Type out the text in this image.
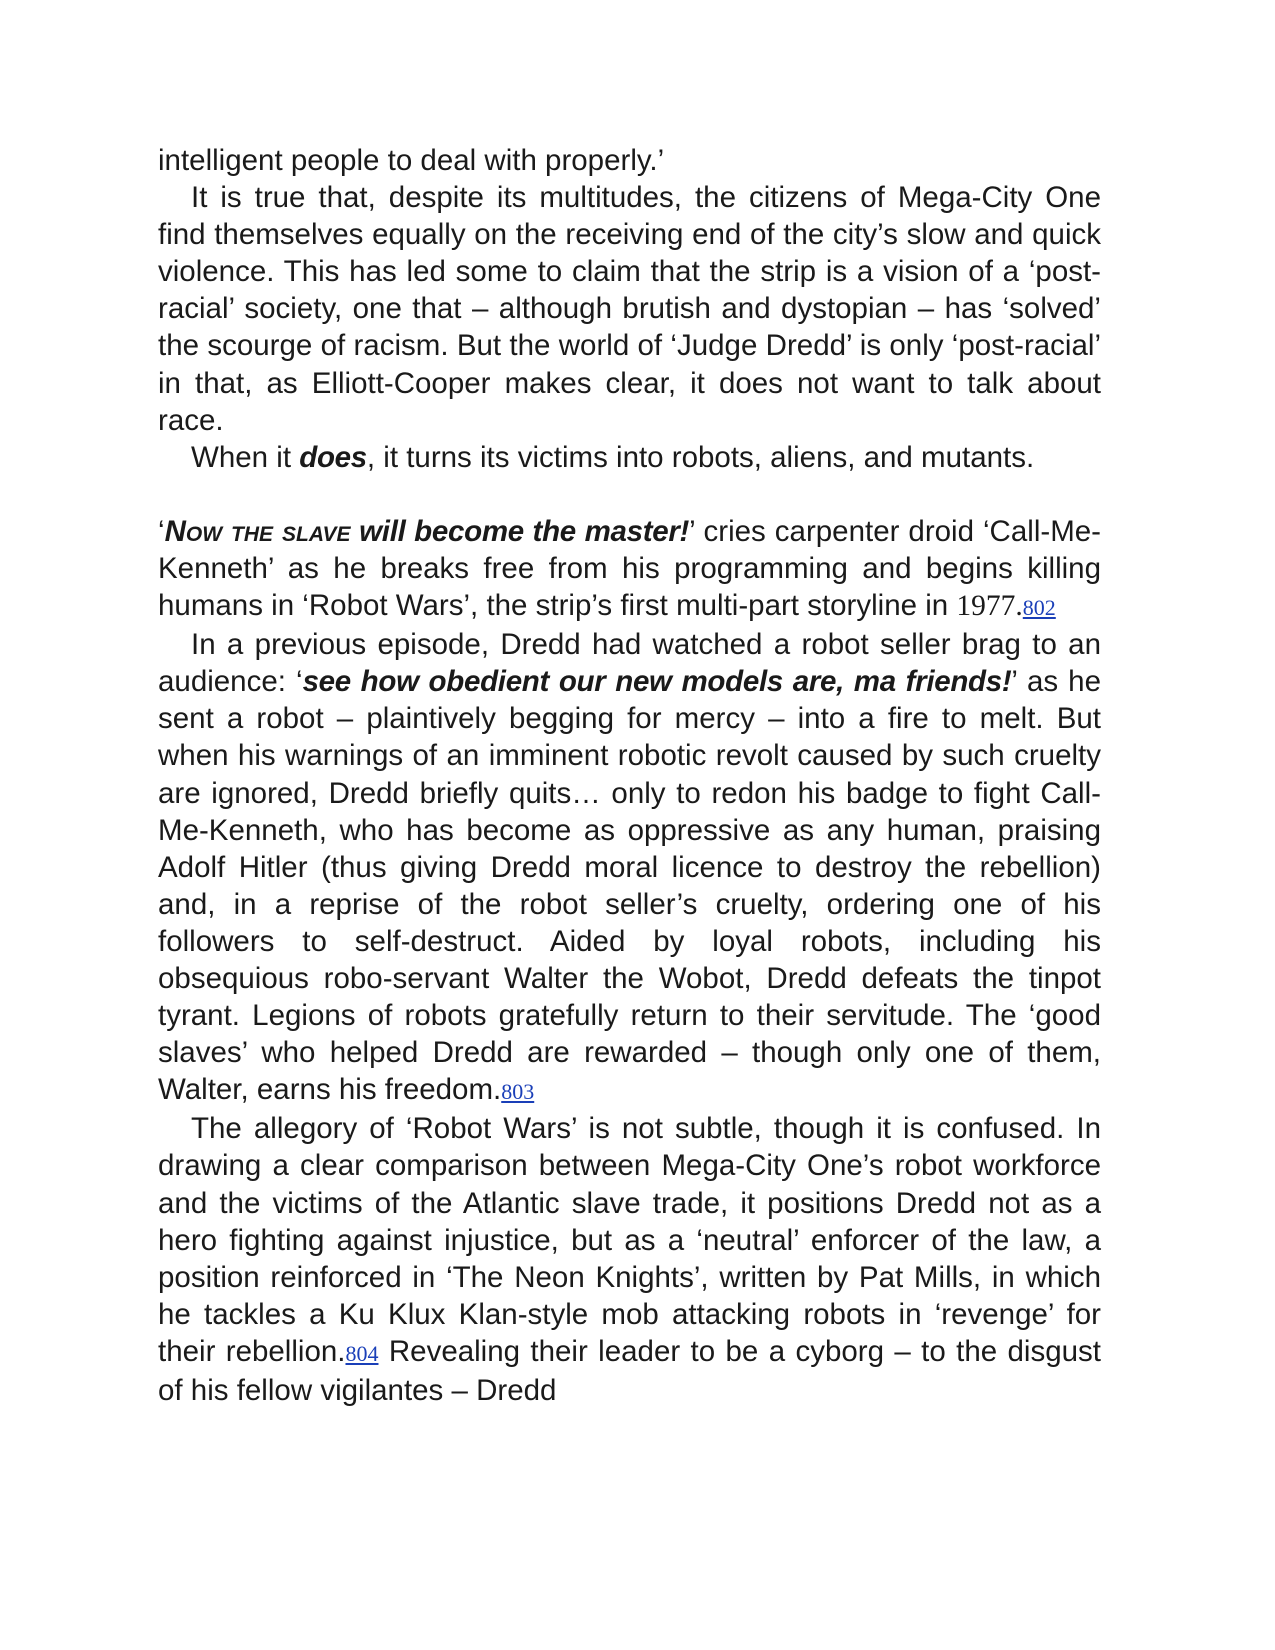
intelligent people to deal with properly.’

It is true that, despite its multitudes, the citizens of Mega-City One find themselves equally on the receiving end of the city’s slow and quick violence. This has led some to claim that the strip is a vision of a ‘post-racial’ society, one that – although brutish and dystopian – has ‘solved’ the scourge of racism. But the world of ‘Judge Dredd’ is only ‘post-racial’ in that, as Elliott-Cooper makes clear, it does not want to talk about race.

When it does, it turns its victims into robots, aliens, and mutants.

‘Now the slave will become the master!’ cries carpenter droid ‘Call-Me-Kenneth’ as he breaks free from his programming and begins killing humans in ‘Robot Wars’, the strip’s first multi-part storyline in 1977.802

In a previous episode, Dredd had watched a robot seller brag to an audience: ‘see how obedient our new models are, ma friends!’ as he sent a robot – plaintively begging for mercy – into a fire to melt. But when his warnings of an imminent robotic revolt caused by such cruelty are ignored, Dredd briefly quits… only to redon his badge to fight Call-Me-Kenneth, who has become as oppressive as any human, praising Adolf Hitler (thus giving Dredd moral licence to destroy the rebellion) and, in a reprise of the robot seller’s cruelty, ordering one of his followers to self-destruct. Aided by loyal robots, including his obsequious robo-servant Walter the Wobot, Dredd defeats the tinpot tyrant. Legions of robots gratefully return to their servitude. The ‘good slaves’ who helped Dredd are rewarded – though only one of them, Walter, earns his freedom.803

The allegory of ‘Robot Wars’ is not subtle, though it is confused. In drawing a clear comparison between Mega-City One’s robot workforce and the victims of the Atlantic slave trade, it positions Dredd not as a hero fighting against injustice, but as a ‘neutral’ enforcer of the law, a position reinforced in ‘The Neon Knights’, written by Pat Mills, in which he tackles a Ku Klux Klan-style mob attacking robots in ‘revenge’ for their rebellion.804 Revealing their leader to be a cyborg – to the disgust of his fellow vigilantes – Dredd
